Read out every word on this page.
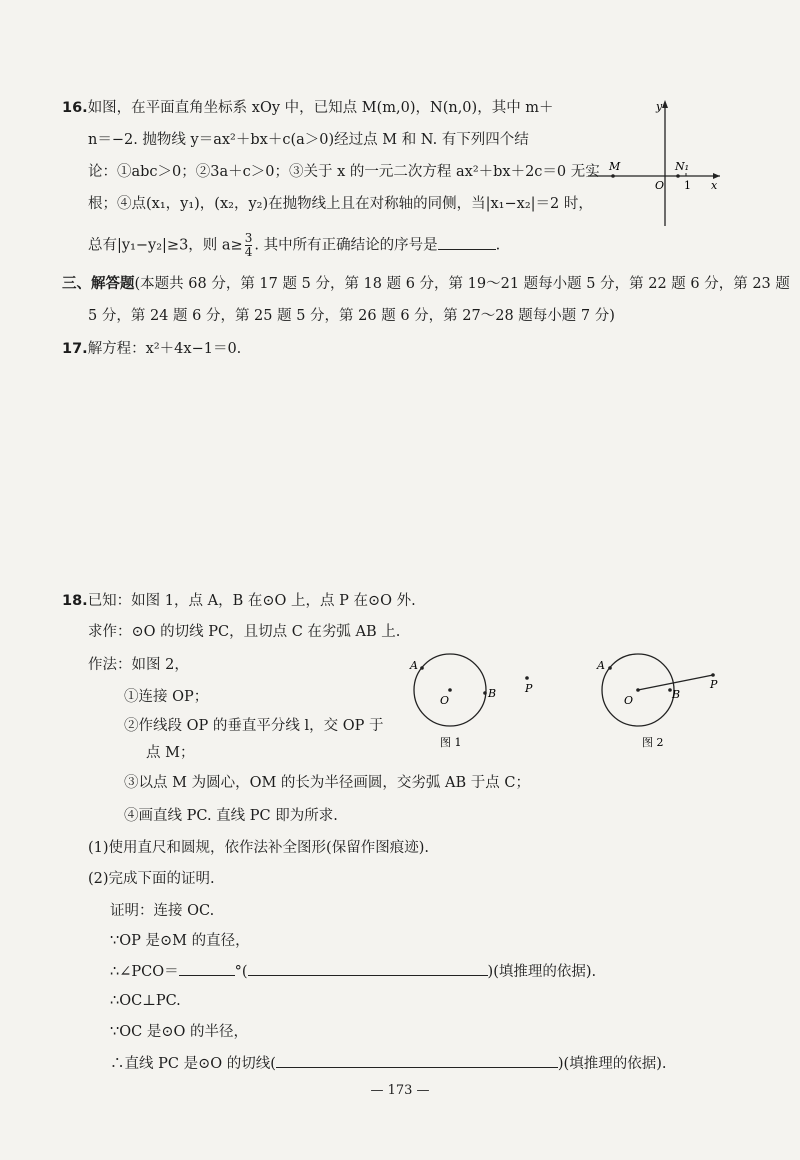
16.如图，在平面直角坐标系 xOy 中，已知点 M(m,0)，N(n,0)，其中 m＋
n＝−2. 抛物线 y＝ax²＋bx＋c(a＞0)经过点 M 和 N. 有下列四个结
论：①abc＞0；②3a＋c＞0；③关于 x 的一元二次方程 ax²＋bx＋2c＝0 无实
根；④点(x₁，y₁)，(x₂，y₂)在抛物线上且在对称轴的同侧，当|x₁−x₂|＝2 时，
总有|y₁−y₂|≥3，则 $a\ge \frac{3}{4}$ . 其中所有正确结论的序号是	.
y
x
O
M	N₁
1
三、解答题(本题共 68 分，第 17 题 5 分，第 18 题 6 分，第 19～21 题每小题 5 分，第 22 题 6 分，第 23 题
5 分，第 24 题 6 分，第 25 题 5 分，第 26 题 6 分，第 27～28 题每小题 7 分)
17.解方程：x²＋4x−1＝0.
18.已知：如图 1，点 A，B 在⊙O 上，点 P 在⊙O 外.
求作：⊙O 的切线 PC，且切点 C 在劣弧 AB 上.
作法：如图 2，
①连接 OP；
②作线段 OP 的垂直平分线 l，交 OP 于
点 M；
③以点 M 为圆心，OM 的长为半径画圆，交劣弧 AB 于点 C；
④画直线 PC. 直线 PC 即为所求.
O
A
B	P
图 1
O
A
B
P
图 2
(1)使用直尺和圆规，依作法补全图形(保留作图痕迹).
(2)完成下面的证明.
证明：连接 OC.
∵OP 是⊙M 的直径，
∴∠PCO＝	°(	)(填推理的依据).
∴OC⊥PC.
∵OC 是⊙O 的半径，
∴直线 PC 是⊙O 的切线(	)(填推理的依据).
— 173 —
